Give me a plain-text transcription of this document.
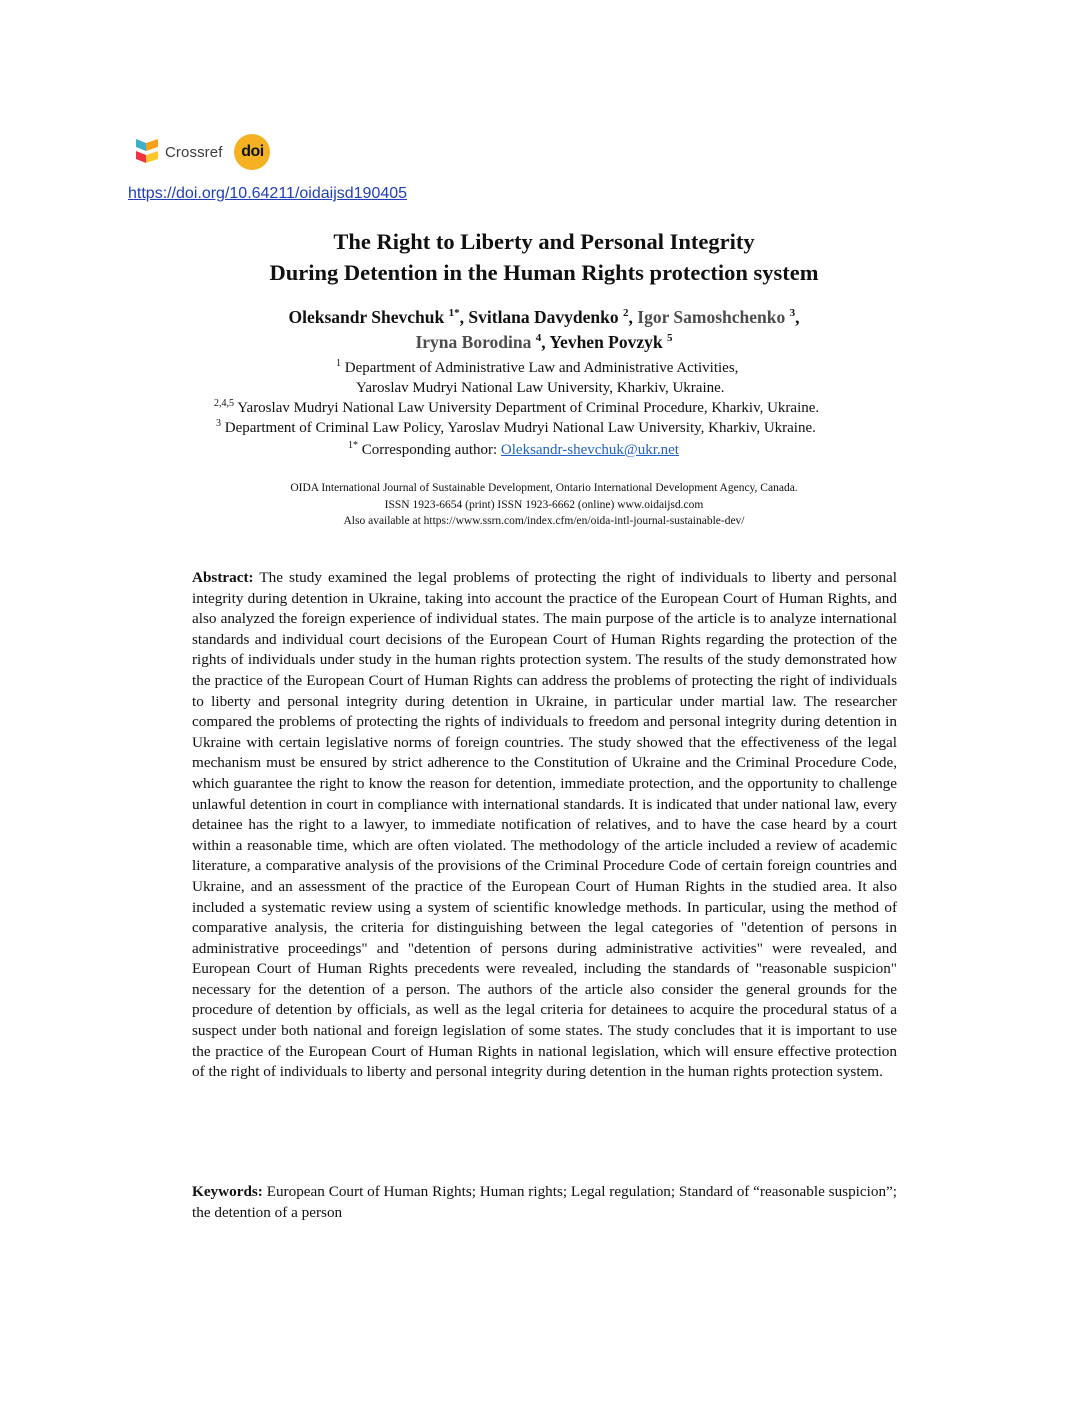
Crossref doi
https://doi.org/10.64211/oidaijsd190405
The Right to Liberty and Personal Integrity
During Detention in the Human Rights protection system
Oleksandr Shevchuk $^{1*}$, Svitlana Davydenko $^2$, Igor Samoshchenko $^3$,
Iryna Borodina $^4$, Yevhen Povzyk $^5$
$^1$ Department of Administrative Law and Administrative Activities,
Yaroslav Mudryi National Law University, Kharkiv, Ukraine.
$^{2,4,5}$ Yaroslav Mudryi National Law University Department of Criminal Procedure, Kharkiv, Ukraine.
$^3$ Department of Criminal Law Policy, Yaroslav Mudryi National Law University, Kharkiv, Ukraine.
$^{1*}$ Corresponding author: Oleksandr-shevchuk@ukr.net
OIDA International Journal of Sustainable Development, Ontario International Development Agency, Canada.
ISSN 1923-6654 (print) ISSN 1923-6662 (online) www.oidaijsd.com
Also available at https://www.ssrn.com/index.cfm/en/oida-intl-journal-sustainable-dev/

Abstract: The study examined the legal problems of protecting the right of individuals to liberty and personal integrity during detention in Ukraine, taking into account the practice of the European Court of Human Rights, and also analyzed the foreign experience of individual states. The main purpose of the article is to analyze international standards and individual court decisions of the European Court of Human Rights regarding the protection of the rights of individuals under study in the human rights protection system. The results of the study demonstrated how the practice of the European Court of Human Rights can address the problems of protecting the right of individuals to liberty and personal integrity during detention in Ukraine, in particular under martial law. The researcher compared the problems of protecting the rights of individuals to freedom and personal integrity during detention in Ukraine with certain legislative norms of foreign countries. The study showed that the effectiveness of the legal mechanism must be ensured by strict adherence to the Constitution of Ukraine and the Criminal Procedure Code, which guarantee the right to know the reason for detention, immediate protection, and the opportunity to challenge unlawful detention in court in compliance with international standards. It is indicated that under national law, every detainee has the right to a lawyer, to immediate notification of relatives, and to have the case heard by a court within a reasonable time, which are often violated. The methodology of the article included a review of academic literature, a comparative analysis of the provisions of the Criminal Procedure Code of certain foreign countries and Ukraine, and an assessment of the practice of the European Court of Human Rights in the studied area. It also included a systematic review using a system of scientific knowledge methods. In particular, using the method of comparative analysis, the criteria for distinguishing between the legal categories of "detention of persons in administrative proceedings" and "detention of persons during administrative activities" were revealed, and European Court of Human Rights precedents were revealed, including the standards of "reasonable suspicion" necessary for the detention of a person. The authors of the article also consider the general grounds for the procedure of detention by officials, as well as the legal criteria for detainees to acquire the procedural status of a suspect under both national and foreign legislation of some states. The study concludes that it is important to use the practice of the European Court of Human Rights in national legislation, which will ensure effective protection of the right of individuals to liberty and personal integrity during detention in the human rights protection system.

Keywords: European Court of Human Rights; Human rights; Legal regulation; Standard of “reasonable suspicion”; the detention of a person
